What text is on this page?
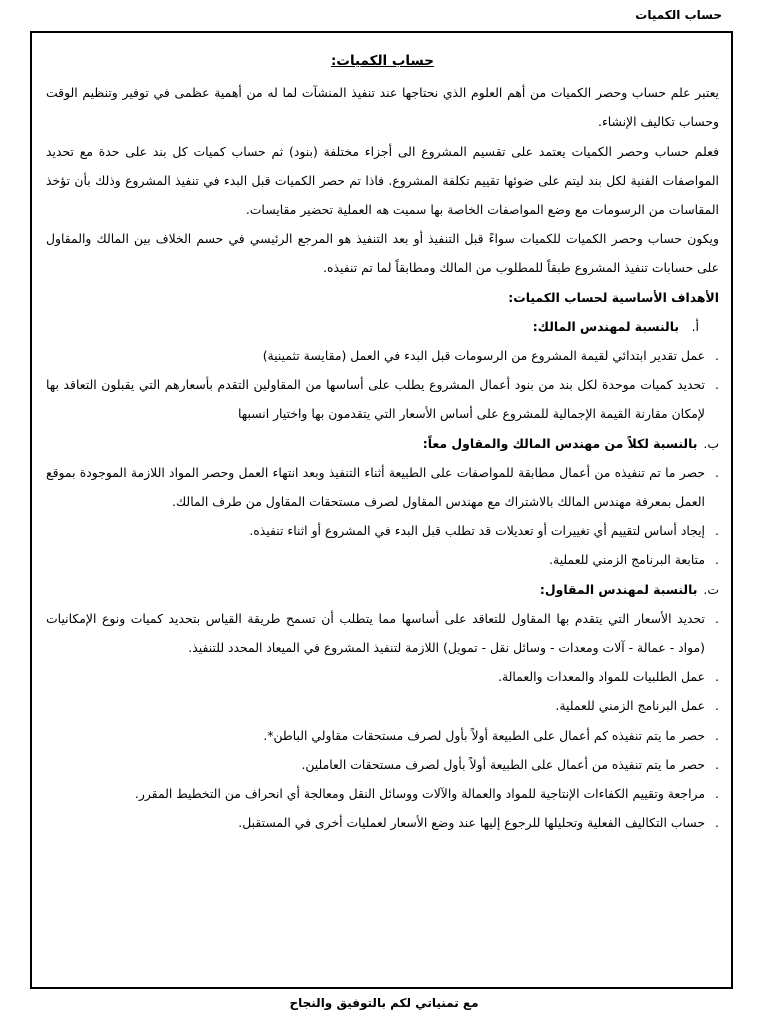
حساب الكميات

حساب الكميات:

يعتبر علم حساب وحصر الكميات من أهم العلوم الذي نحتاجها عند تنفيذ المنشآت لما له من أهمية عظمى في توفير وتنظيم الوقت وحساب تكاليف الإنشاء.

فعلم حساب وحصر الكميات يعتمد على تقسيم المشروع الى أجزاء مختلفة (بنود) ثم حساب كميات كل بند على حدة مع تحديد المواصفات الفنية لكل بند ليتم على ضوئها تقييم تكلفة المشروع. فاذا تم حصر الكميات قبل البدء في تنفيذ المشروع وذلك بأن تؤخذ المقاسات من الرسومات مع وضع المواصفات الخاصة بها سميت هه العملية تحضير مقايسات.

ويكون حساب وحصر الكميات للكميات سواءً قبل التنفيذ أو بعد التنفيذ هو المرجع الرئيسي في حسم الخلاف بين المالك والمقاول على حسابات تنفيذ المشروع طبقاً للمطلوب من المالك ومطابقاً لما تم تنفيذه.

الأهداف الأساسية لحساب الكميات:

أ.
بالنسبة لمهندس المالك:

. عمل تقدير ابتدائي لقيمة المشروع من الرسومات قبل البدء في العمل (مقايسة تثمينية)
. تحديد كميات موحدة لكل بند من بنود أعمال المشروع يطلب على أساسها من المقاولين التقدم بأسعارهم التي يقبلون التعاقد بها لإمكان مقارنة القيمة الإجمالية للمشروع على أساس الأسعار التي يتقدمون بها واختيار انسبها

ب.
بالنسبة لكلاً من مهندس المالك والمقاول معاً:

. حصر ما تم تنفيذه من أعمال مطابقة للمواصفات على الطبيعة أثناء التنفيذ وبعد انتهاء العمل وحصر المواد اللازمة الموجودة بموقع العمل بمعرفة مهندس المالك بالاشتراك مع مهندس المقاول لصرف مستحقات المقاول من طرف المالك.
. إيجاد أساس لتقييم أي تغييرات أو تعديلات قد تطلب قبل البدء في المشروع أو اثناء تنفيذه.
. متابعة البرنامج الزمني للعملية.

ت.
بالنسبة لمهندس المقاول:

. تحديد الأسعار التي يتقدم بها المقاول للتعاقد على أساسها مما يتطلب أن تسمح طريقة القياس بتحديد كميات ونوع الإمكانيات (مواد - عمالة - آلات ومعدات - وسائل نقل - تمويل) اللازمة لتنفيذ المشروع في الميعاد المحدد للتنفيذ.
. عمل الطلبيات للمواد والمعدات والعمالة.
. عمل البرنامج الزمني للعملية.
. حصر ما يتم تنفيذه كم أعمال على الطبيعة أولاً بأول لصرف مستحقات مقاولي الباطن*.
. حصر ما يتم تنفيذه من أعمال على الطبيعة أولاً بأول لصرف مستحقات العاملين.
. مراجعة وتقييم الكفاءات الإنتاجية للمواد والعمالة والآلات ووسائل النقل ومعالجة أي انحراف من التخطيط المقرر.
. حساب التكاليف الفعلية وتحليلها للرجوع إليها عند وضع الأسعار لعمليات أخرى في المستقبل.
مع تمنياتي لكم بالتوفيق والنجاح
